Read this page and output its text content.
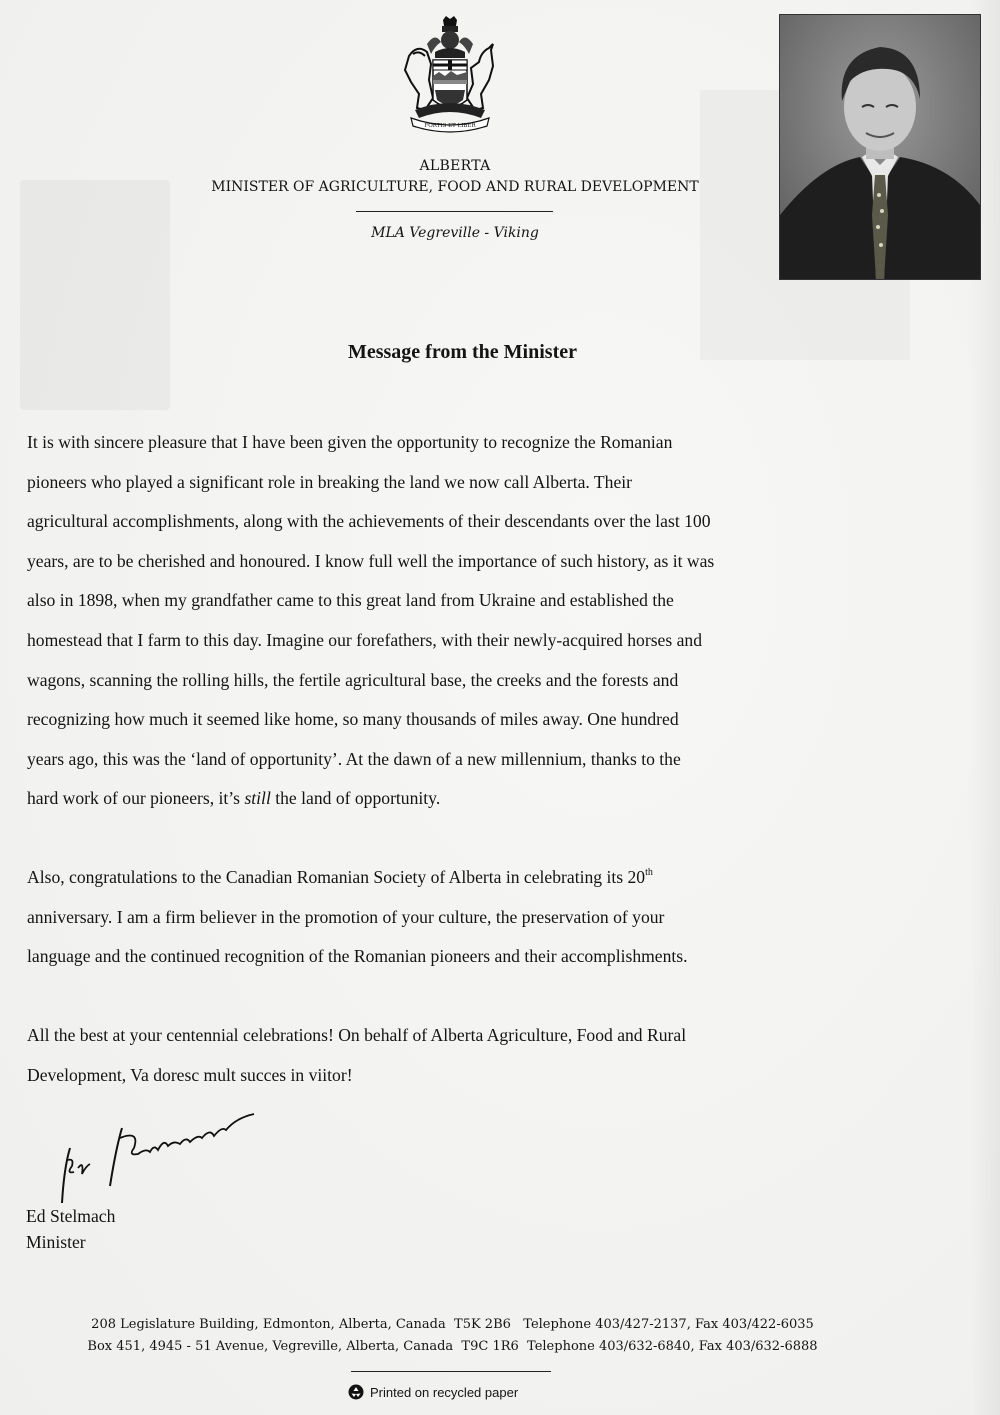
FORTIS ET LIBER
ALBERTA
MINISTER OF AGRICULTURE, FOOD AND RURAL DEVELOPMENT
MLA Vegreville - Viking
Message from the Minister
It is with sincere pleasure that I have been given the opportunity to recognize the Romanian
pioneers who played a significant role in breaking the land we now call Alberta. Their
agricultural accomplishments, along with the achievements of their descendants over the last 100
years, are to be cherished and honoured. I know full well the importance of such history, as it was
also in 1898, when my grandfather came to this great land from Ukraine and established the
homestead that I farm to this day. Imagine our forefathers, with their newly-acquired horses and
wagons, scanning the rolling hills, the fertile agricultural base, the creeks and the forests and
recognizing how much it seemed like home, so many thousands of miles away. One hundred
years ago, this was the ‘land of opportunity’. At the dawn of a new millennium, thanks to the
hard work of our pioneers, it’s still the land of opportunity.
Also, congratulations to the Canadian Romanian Society of Alberta in celebrating its 20th
anniversary. I am a firm believer in the promotion of your culture, the preservation of your
language and the continued recognition of the Romanian pioneers and their accomplishments.
All the best at your centennial celebrations! On behalf of Alberta Agriculture, Food and Rural
Development, Va doresc mult succes in viitor!
Ed Stelmach
Minister
208 Legislature Building, Edmonton, Alberta, Canada  T5K 2B6   Telephone 403/427-2137, Fax 403/422-6035
Box 451, 4945 - 51 Avenue, Vegreville, Alberta, Canada  T9C 1R6  Telephone 403/632-6840, Fax 403/632-6888
Printed on recycled paper
